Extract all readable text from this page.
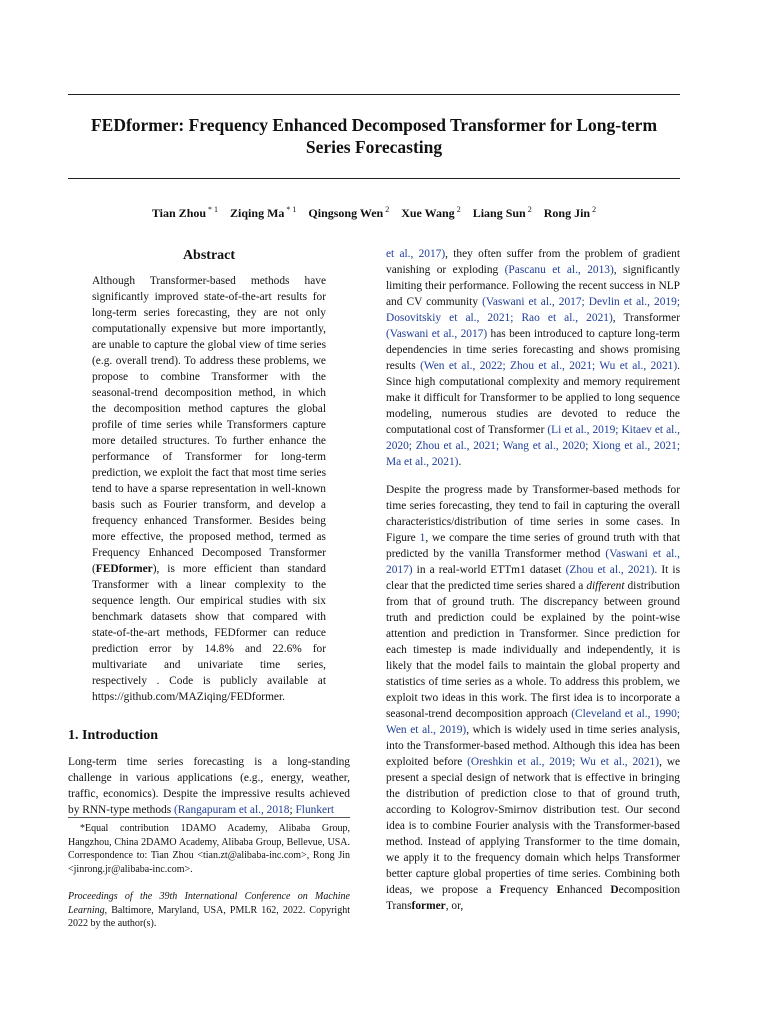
FEDformer: Frequency Enhanced Decomposed Transformer for Long-term
Series Forecasting
Tian Zhou $^{* 1}$  Ziqing Ma $^{* 1}$  Qingsong Wen $^2$  Xue Wang $^2$  Liang Sun $^2$  Rong Jin $^2$
Abstract
Although Transformer-based methods have significantly improved state-of-the-art results for long-term series forecasting, they are not only computationally expensive but more importantly, are unable to capture the global view of time series (e.g. overall trend). To address these problems, we propose to combine Transformer with the seasonal-trend decomposition method, in which the decomposition method captures the global profile of time series while Transformers capture more detailed structures. To further enhance the performance of Transformer for long-term prediction, we exploit the fact that most time series tend to have a sparse representation in well-known basis such as Fourier transform, and develop a frequency enhanced Transformer. Besides being more effective, the proposed method, termed as Frequency Enhanced Decomposed Transformer (FEDformer), is more efficient than standard Transformer with a linear complexity to the sequence length. Our empirical studies with six benchmark datasets show that compared with state-of-the-art methods, FEDformer can reduce prediction error by 14.8% and 22.6% for multivariate and univariate time series, respectively . Code is publicly available at https://github.com/MAZiqing/FEDformer.
1. Introduction

Long-term time series forecasting is a long-standing challenge in various applications (e.g., energy, weather, traffic, economics). Despite the impressive results achieved by RNN-type methods (Rangapuram et al., 2018; Flunkert

*Equal contribution 1DAMO Academy, Alibaba Group, Hangzhou, China 2DAMO Academy, Alibaba Group, Bellevue, USA. Correspondence to: Tian Zhou <tian.zt@alibaba-inc.com>, Rong Jin <jinrong.jr@alibaba-inc.com>.

Proceedings of the 39th International Conference on Machine Learning, Baltimore, Maryland, USA, PMLR 162, 2022. Copyright 2022 by the author(s).

et al., 2017), they often suffer from the problem of gradient vanishing or exploding (Pascanu et al., 2013), significantly limiting their performance. Following the recent success in NLP and CV community (Vaswani et al., 2017; Devlin et al., 2019; Dosovitskiy et al., 2021; Rao et al., 2021), Transformer (Vaswani et al., 2017) has been introduced to capture long-term dependencies in time series forecasting and shows promising results (Wen et al., 2022; Zhou et al., 2021; Wu et al., 2021). Since high computational complexity and memory requirement make it difficult for Transformer to be applied to long sequence modeling, numerous studies are devoted to reduce the computational cost of Transformer (Li et al., 2019; Kitaev et al., 2020; Zhou et al., 2021; Wang et al., 2020; Xiong et al., 2021; Ma et al., 2021).

Despite the progress made by Transformer-based methods for time series forecasting, they tend to fail in capturing the overall characteristics/distribution of time series in some cases. In Figure 1, we compare the time series of ground truth with that predicted by the vanilla Transformer method (Vaswani et al., 2017) in a real-world ETTm1 dataset (Zhou et al., 2021). It is clear that the predicted time series shared a different distribution from that of ground truth. The discrepancy between ground truth and prediction could be explained by the point-wise attention and prediction in Transformer. Since prediction for each timestep is made individually and independently, it is likely that the model fails to maintain the global property and statistics of time series as a whole. To address this problem, we exploit two ideas in this work. The first idea is to incorporate a seasonal-trend decomposition approach (Cleveland et al., 1990; Wen et al., 2019), which is widely used in time series analysis, into the Transformer-based method. Although this idea has been exploited before (Oreshkin et al., 2019; Wu et al., 2021), we present a special design of network that is effective in bringing the distribution of prediction close to that of ground truth, according to Kologrov-Smirnov distribution test. Our second idea is to combine Fourier analysis with the Transformer-based method. Instead of applying Transformer to the time domain, we apply it to the frequency domain which helps Transformer better capture global properties of time series. Combining both ideas, we propose a Frequency Enhanced Decomposition Transformer, or,
